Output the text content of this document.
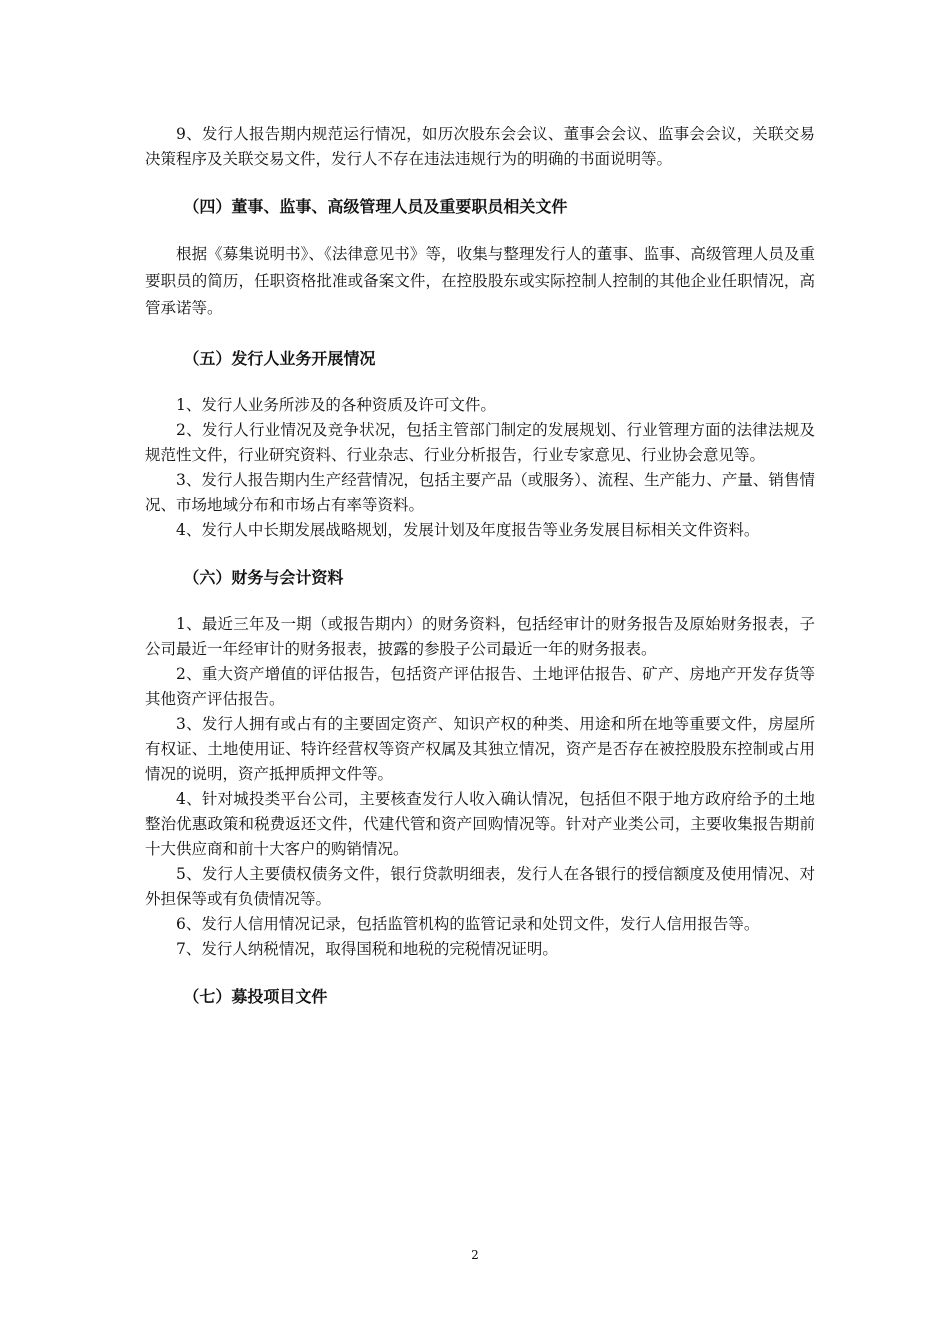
9、发行人报告期内规范运行情况，如历次股东会会议、董事会会议、监事会会议，关联交易决策程序及关联交易文件，发行人不存在违法违规行为的明确的书面说明等。

（四）董事、监事、高级管理人员及重要职员相关文件

根据《募集说明书》、《法律意见书》等，收集与整理发行人的董事、监事、高级管理人员及重要职员的简历，任职资格批准或备案文件，在控股股东或实际控制人控制的其他企业任职情况，高管承诺等。

（五）发行人业务开展情况

1、发行人业务所涉及的各种资质及许可文件。

2、发行人行业情况及竞争状况，包括主管部门制定的发展规划、行业管理方面的法律法规及规范性文件，行业研究资料、行业杂志、行业分析报告，行业专家意见、行业协会意见等。

3、发行人报告期内生产经营情况，包括主要产品（或服务）、流程、生产能力、产量、销售情况、市场地域分布和市场占有率等资料。

4、发行人中长期发展战略规划，发展计划及年度报告等业务发展目标相关文件资料。

（六）财务与会计资料

1、最近三年及一期（或报告期内）的财务资料，包括经审计的财务报告及原始财务报表，子公司最近一年经审计的财务报表，披露的参股子公司最近一年的财务报表。

2、重大资产增值的评估报告，包括资产评估报告、土地评估报告、矿产、房地产开发存货等其他资产评估报告。

3、发行人拥有或占有的主要固定资产、知识产权的种类、用途和所在地等重要文件，房屋所有权证、土地使用证、特许经营权等资产权属及其独立情况，资产是否存在被控股股东控制或占用情况的说明，资产抵押质押文件等。

4、针对城投类平台公司，主要核查发行人收入确认情况，包括但不限于地方政府给予的土地整治优惠政策和税费返还文件，代建代管和资产回购情况等。针对产业类公司，主要收集报告期前十大供应商和前十大客户的购销情况。

5、发行人主要债权债务文件，银行贷款明细表，发行人在各银行的授信额度及使用情况、对外担保等或有负债情况等。

6、发行人信用情况记录，包括监管机构的监管记录和处罚文件，发行人信用报告等。

7、发行人纳税情况，取得国税和地税的完税情况证明。

（七）募投项目文件

2
